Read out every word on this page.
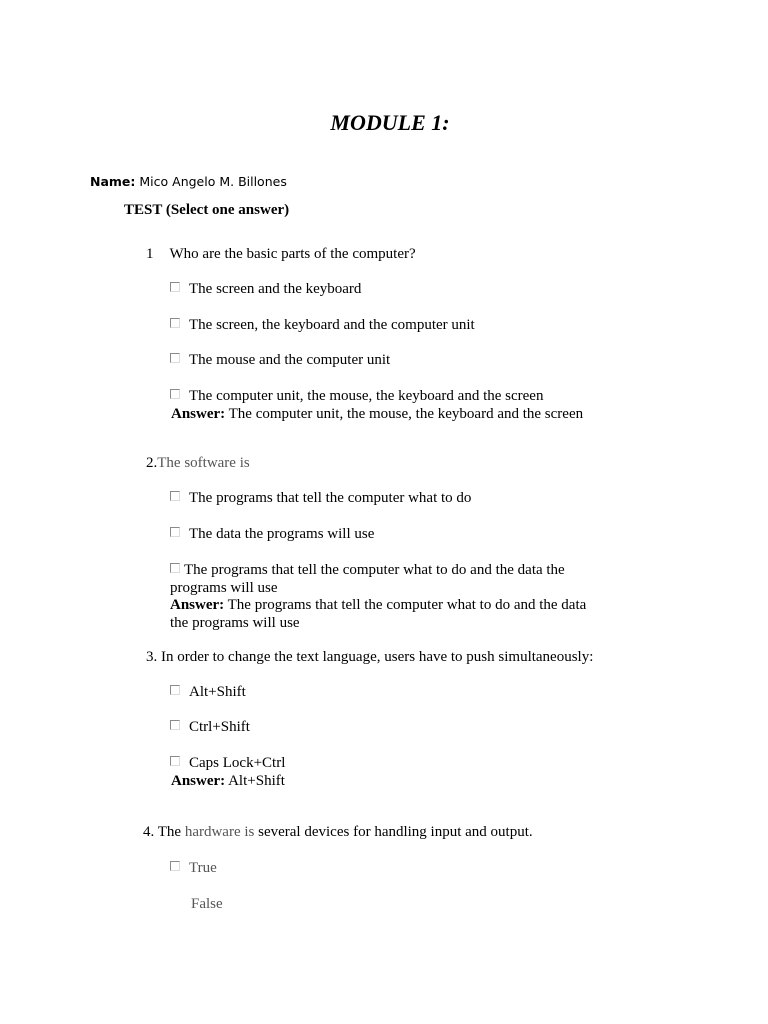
MODULE 1:
Name: Mico Angelo M. Billones
TEST (Select one answer)
1 Who are the basic parts of the computer?
The screen and the keyboard
The screen, the keyboard and the computer unit
The mouse and the computer unit
The computer unit, the mouse, the keyboard and the screen
Answer: The computer unit, the mouse, the keyboard and the screen
2.The software is
The programs that tell the computer what to do
The data the programs will use
The programs that tell the computer what to do and the data the programs will use
Answer: The programs that tell the computer what to do and the data the programs will use
3. In order to change the text language, users have to push simultaneously:
Alt+Shift
Ctrl+Shift
Caps Lock+Ctrl
Answer: Alt+Shift
4. The hardware is several devices for handling input and output.
True
False
